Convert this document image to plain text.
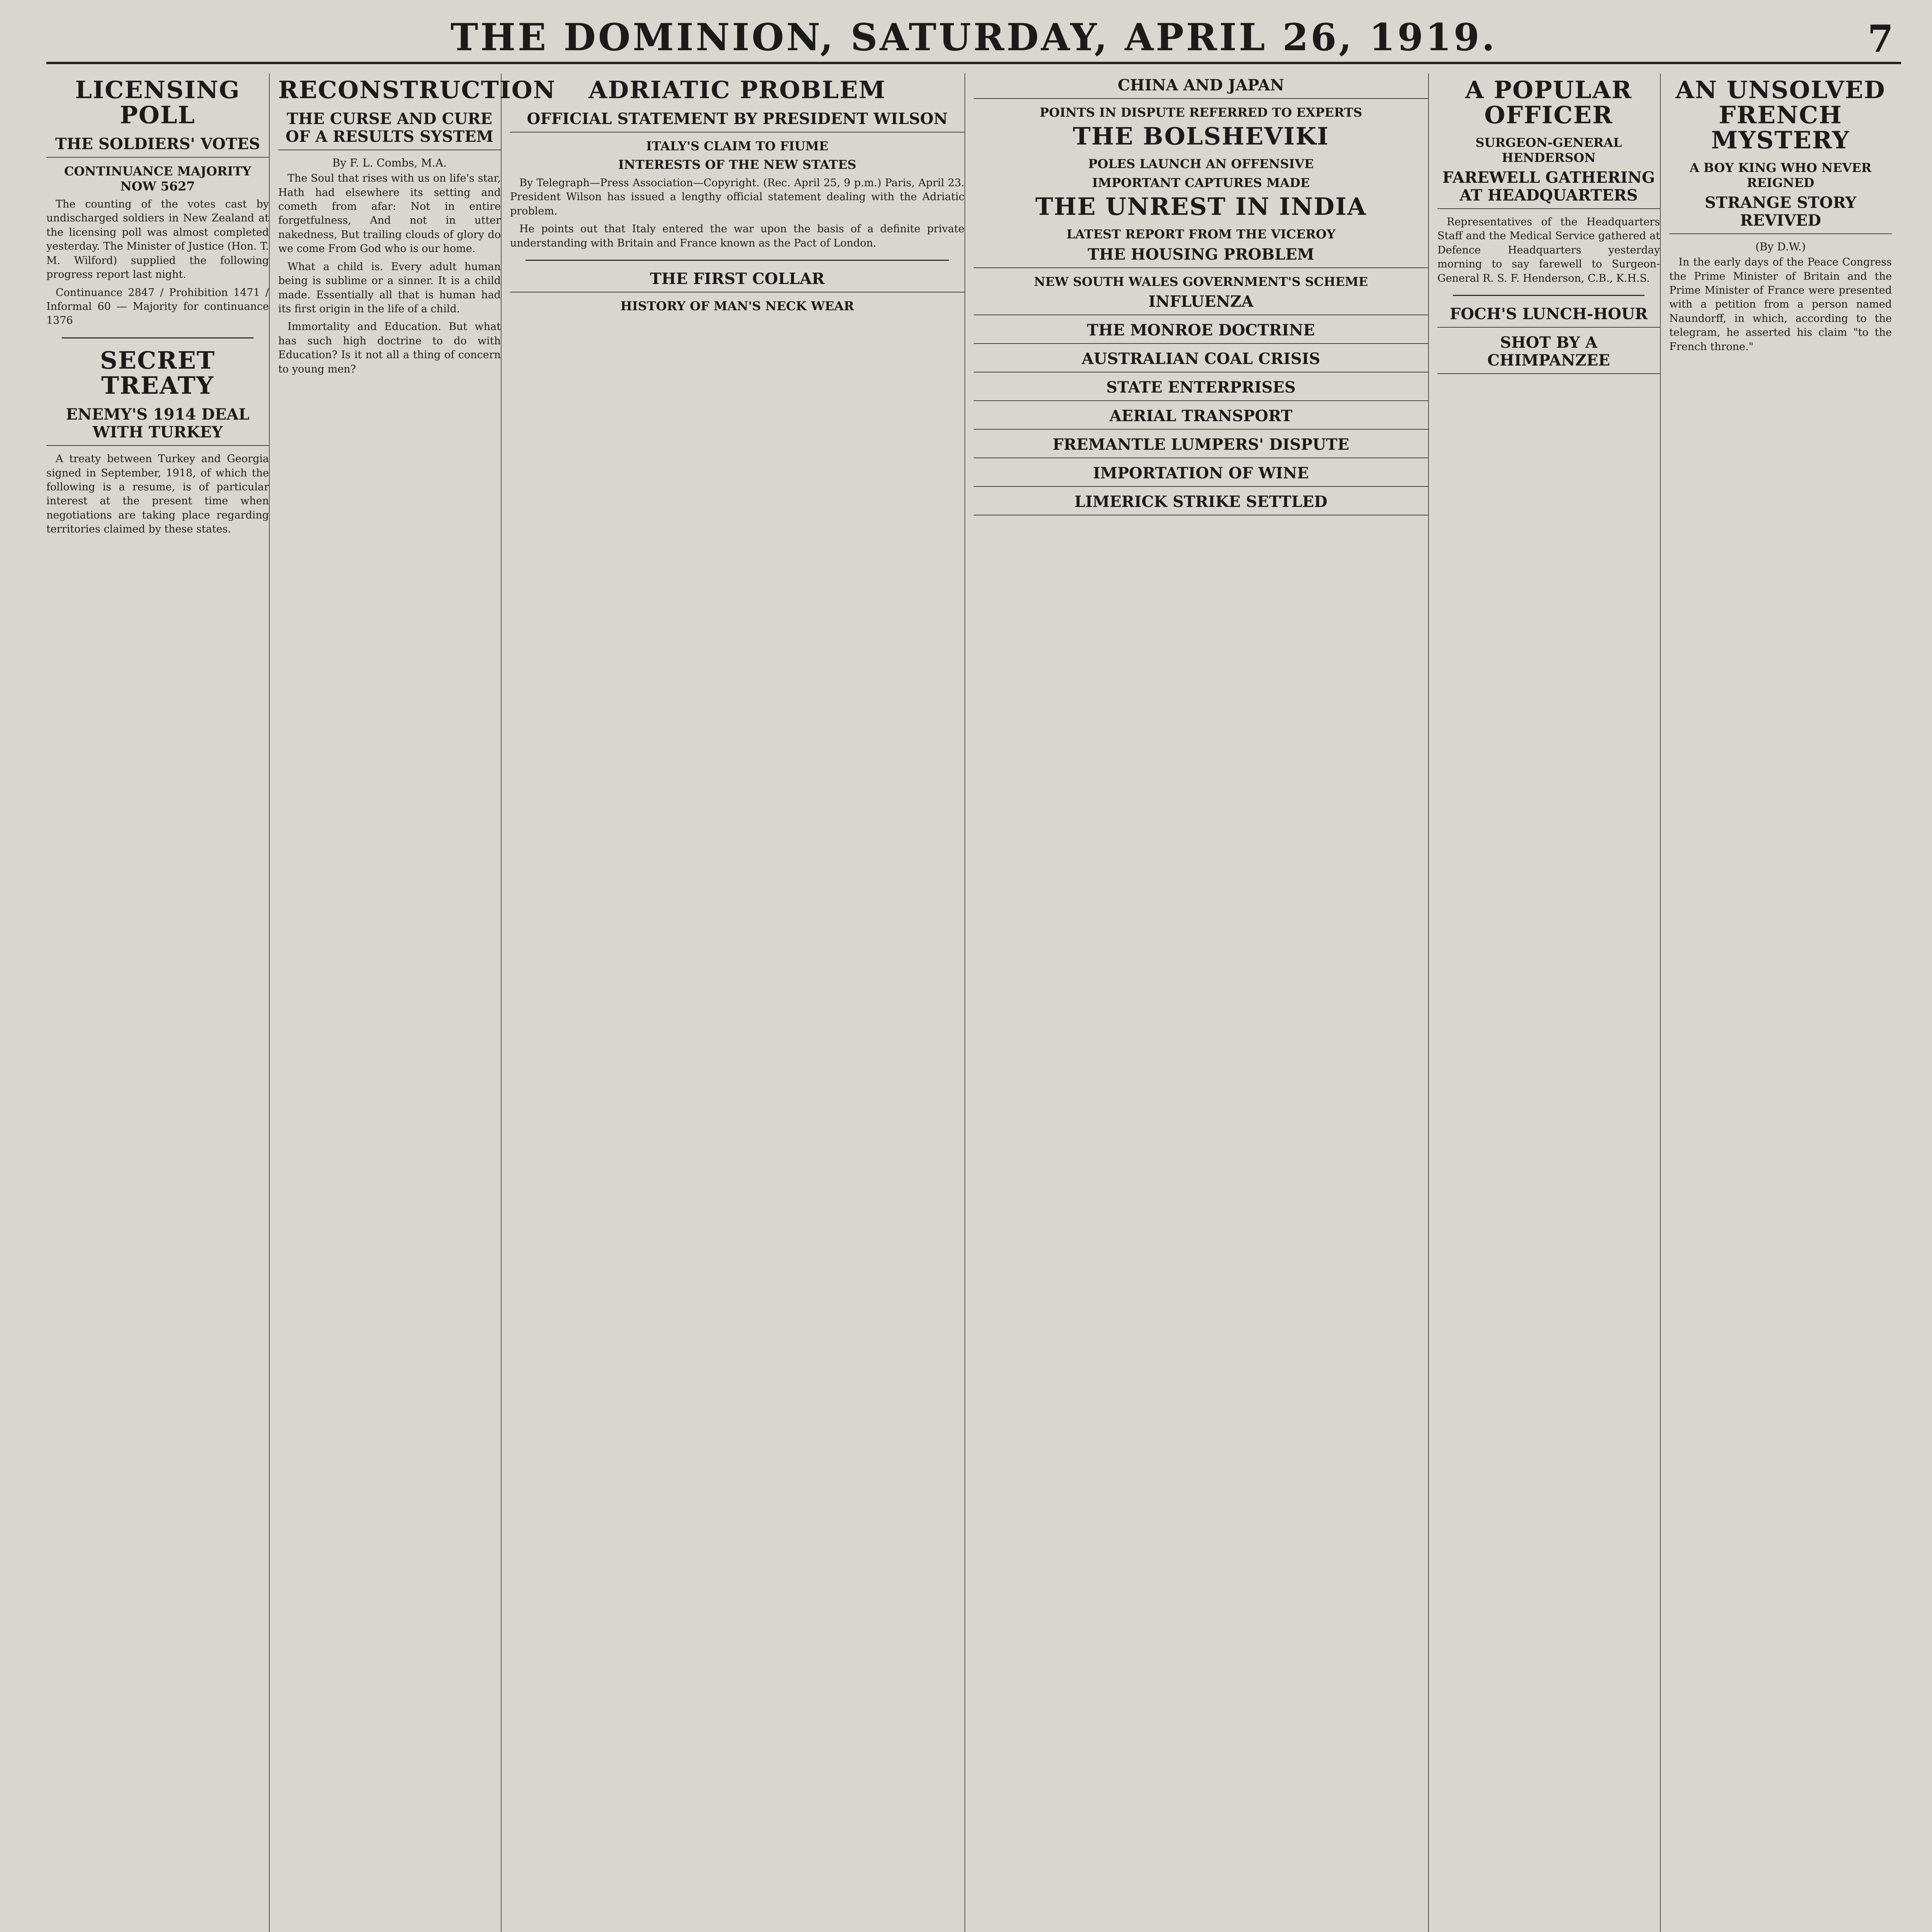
THE DOMINION, SATURDAY, APRIL 26, 1919.	7
LICENSING POLL
THE SOLDIERS' VOTES
CONTINUANCE MAJORITY NOW 5627

The counting of the votes cast by undischarged soldiers in New Zealand at the licensing poll was almost completed yesterday. The Minister of Justice (Hon. T. M. Wilford) supplied the following progress report last night.

Continuance 2847 / Prohibition 1471 / Informal 60 — Majority for continuance 1376

SECRET TREATY
ENEMY'S 1914 DEAL WITH TURKEY

A treaty between Turkey and Georgia signed in September, 1918, of which the following is a resume, is of particular interest at the present time when negotiations are taking place regarding territories claimed by these states.

RECONSTRUCTION
THE CURSE AND CURE OF A RESULTS SYSTEM
By F. L. Combs, M.A.

The Soul that rises with us on life's star, Hath had elsewhere its setting and cometh from afar: Not in entire forgetfulness, And not in utter nakedness, But trailing clouds of glory do we come From God who is our home.

What a child is. Every adult human being is sublime or a sinner. It is a child made. Essentially all that is human had its first origin in the life of a child.

Immortality and Education. But what has such high doctrine to do with Education? Is it not all a thing of concern to young men?

ADRIATIC PROBLEM
OFFICIAL STATEMENT BY PRESIDENT WILSON
ITALY'S CLAIM TO FIUME
INTERESTS OF THE NEW STATES

By Telegraph—Press Association—Copyright. (Rec. April 25, 9 p.m.) Paris, April 23. President Wilson has issued a lengthy official statement dealing with the Adriatic problem.

He points out that Italy entered the war upon the basis of a definite private understanding with Britain and France known as the Pact of London.

THE FIRST COLLAR
HISTORY OF MAN'S NECK WEAR
CHINA AND JAPAN
POINTS IN DISPUTE REFERRED TO EXPERTS
THE BOLSHEVIKI
POLES LAUNCH AN OFFENSIVE
IMPORTANT CAPTURES MADE
THE UNREST IN INDIA
LATEST REPORT FROM THE VICEROY
THE HOUSING PROBLEM
NEW SOUTH WALES GOVERNMENT'S SCHEME
INFLUENZA
THE MONROE DOCTRINE
AUSTRALIAN COAL CRISIS
STATE ENTERPRISES
AERIAL TRANSPORT
FREMANTLE LUMPERS' DISPUTE
IMPORTATION OF WINE
LIMERICK STRIKE SETTLED
A POPULAR OFFICER
SURGEON-GENERAL HENDERSON
FAREWELL GATHERING AT HEADQUARTERS

Representatives of the Headquarters Staff and the Medical Service gathered at Defence Headquarters yesterday morning to say farewell to Surgeon-General R. S. F. Henderson, C.B., K.H.S.

FOCH'S LUNCH-HOUR
SHOT BY A CHIMPANZEE
AN UNSOLVED FRENCH MYSTERY
A BOY KING WHO NEVER REIGNED
STRANGE STORY REVIVED
(By D.W.)

In the early days of the Peace Congress the Prime Minister of Britain and the Prime Minister of France were presented with a petition from a person named Naundorff, in which, according to the telegram, he asserted his claim "to the French throne."
